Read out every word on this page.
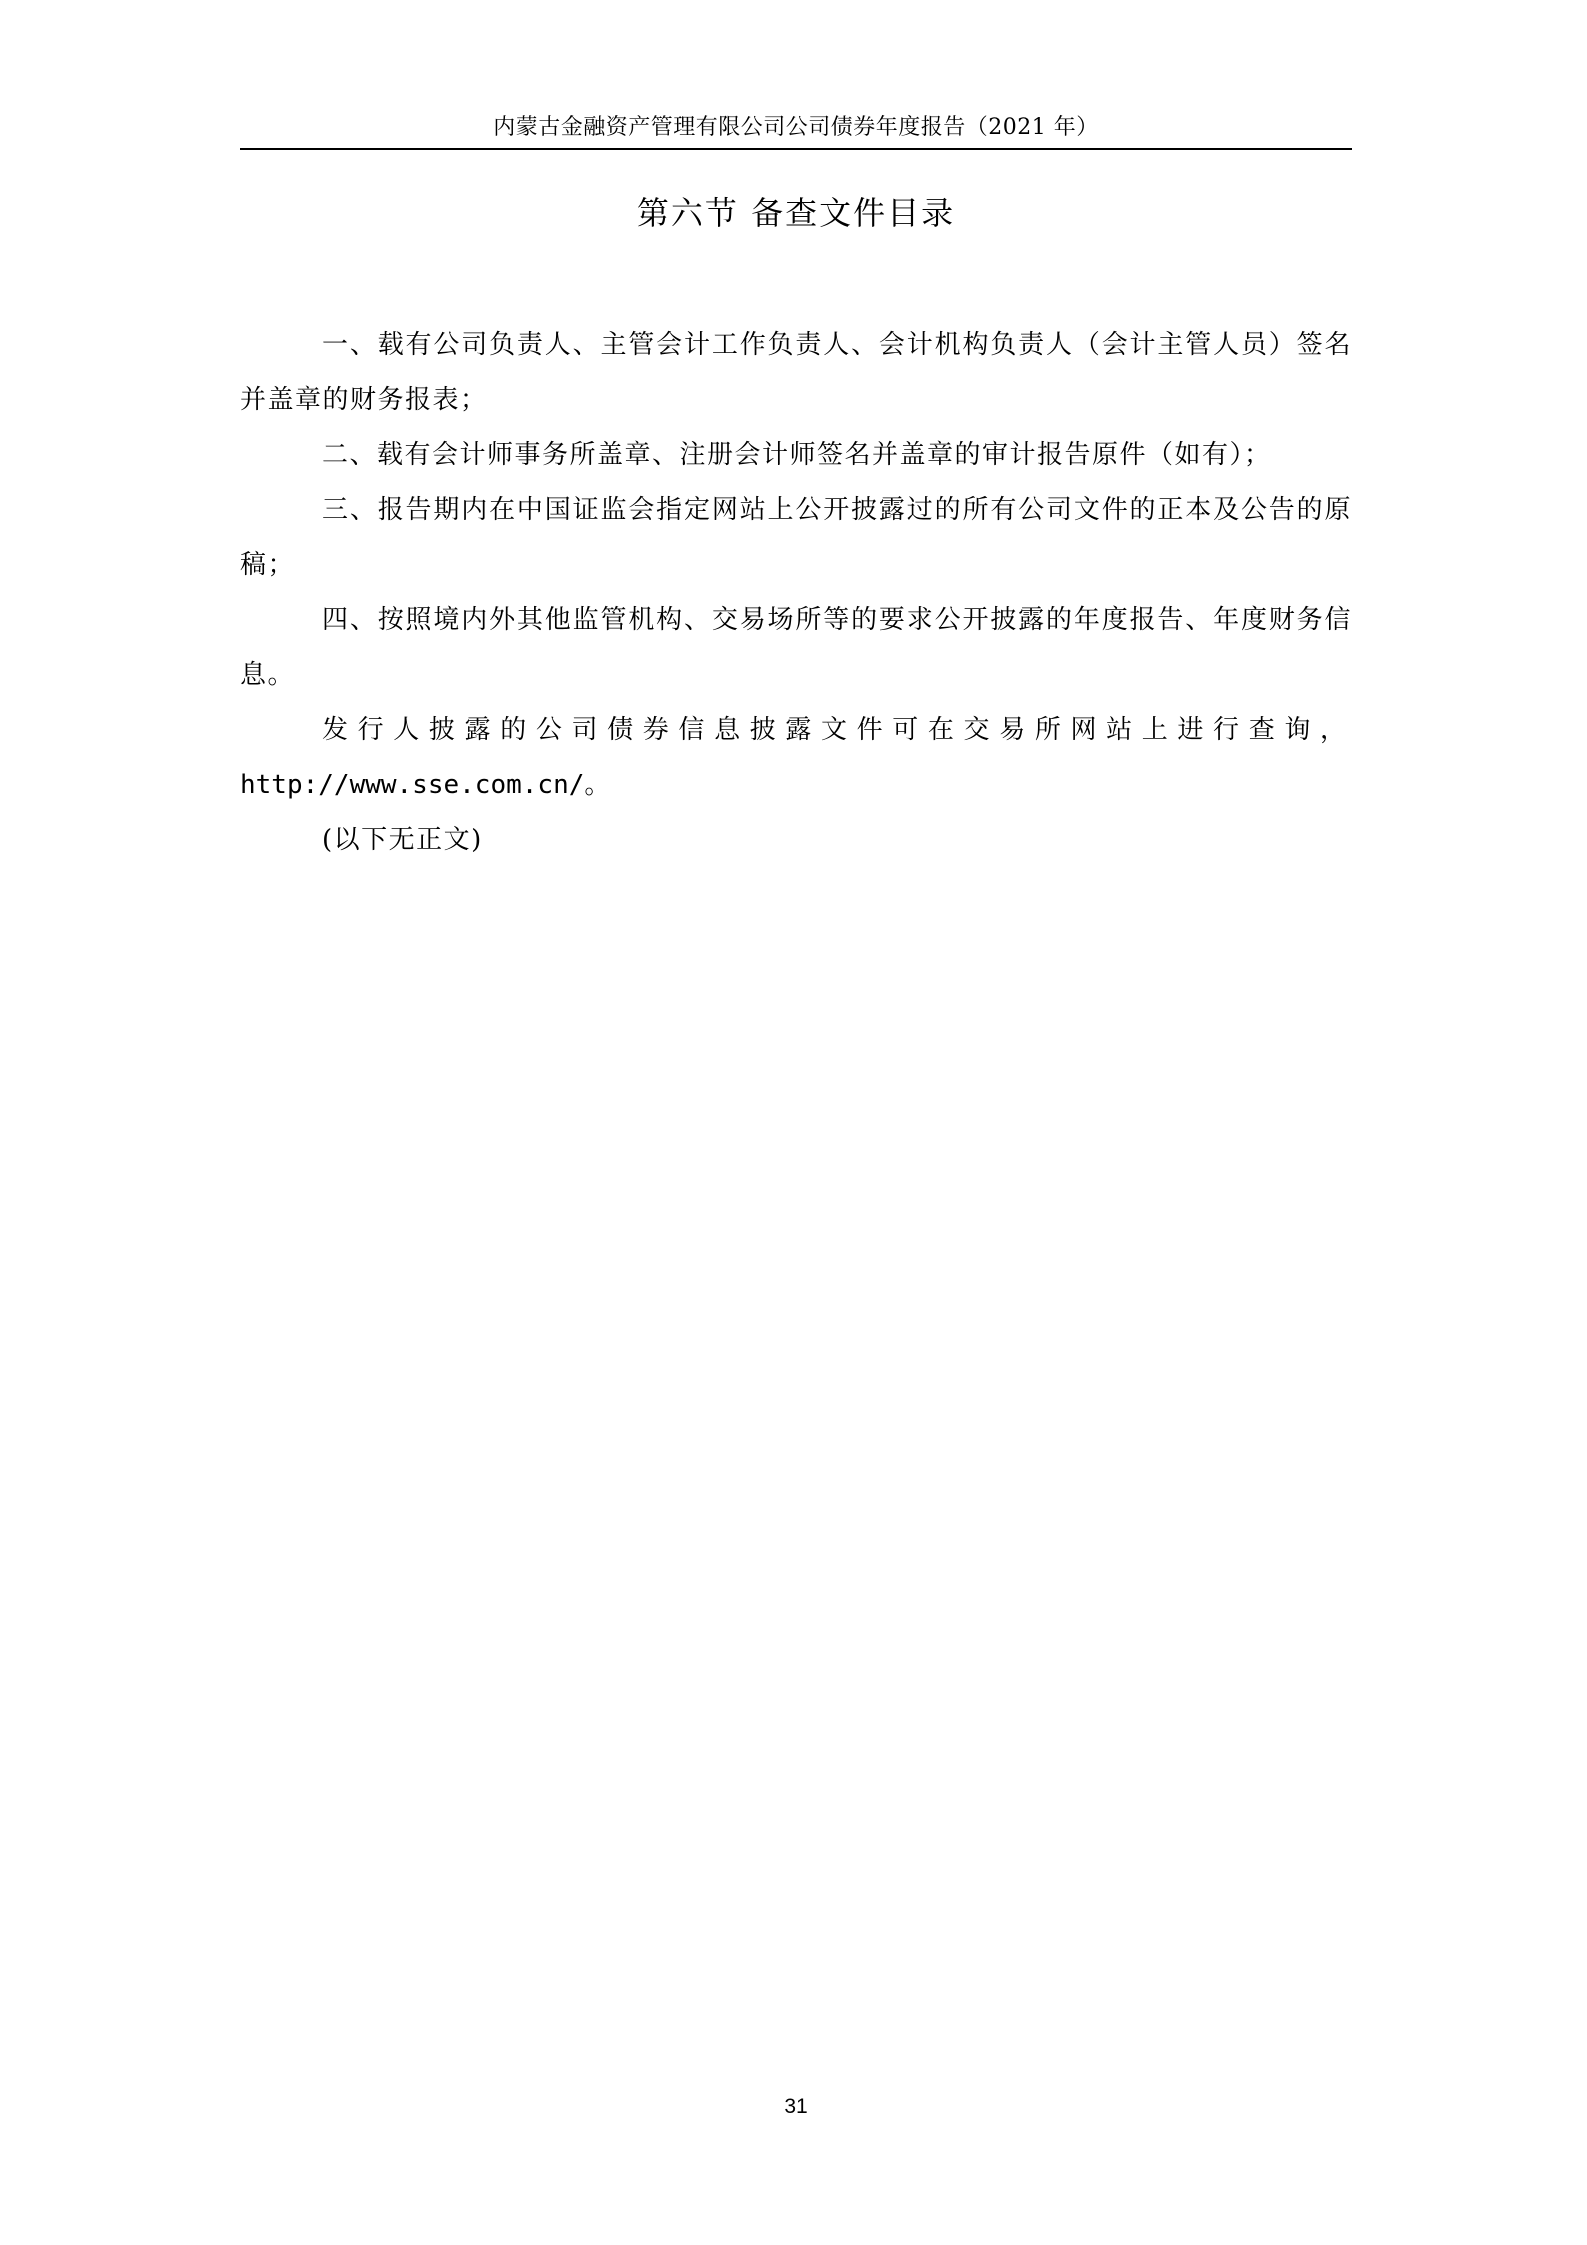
内蒙古金融资产管理有限公司公司债券年度报告（2021 年）
第六节 备查文件目录

一、载有公司负责人、主管会计工作负责人、会计机构负责人（会计主管人员）签名并盖章的财务报表；

二、载有会计师事务所盖章、注册会计师签名并盖章的审计报告原件（如有）；

三、报告期内在中国证监会指定网站上公开披露过的所有公司文件的正本及公告的原稿；

四、按照境内外其他监管机构、交易场所等的要求公开披露的年度报告、年度财务信息。

发行人披露的公司债券信息披露文件可在交易所网站上进行查询，
http://www.sse.com.cn/。

(以下无正文)

31
